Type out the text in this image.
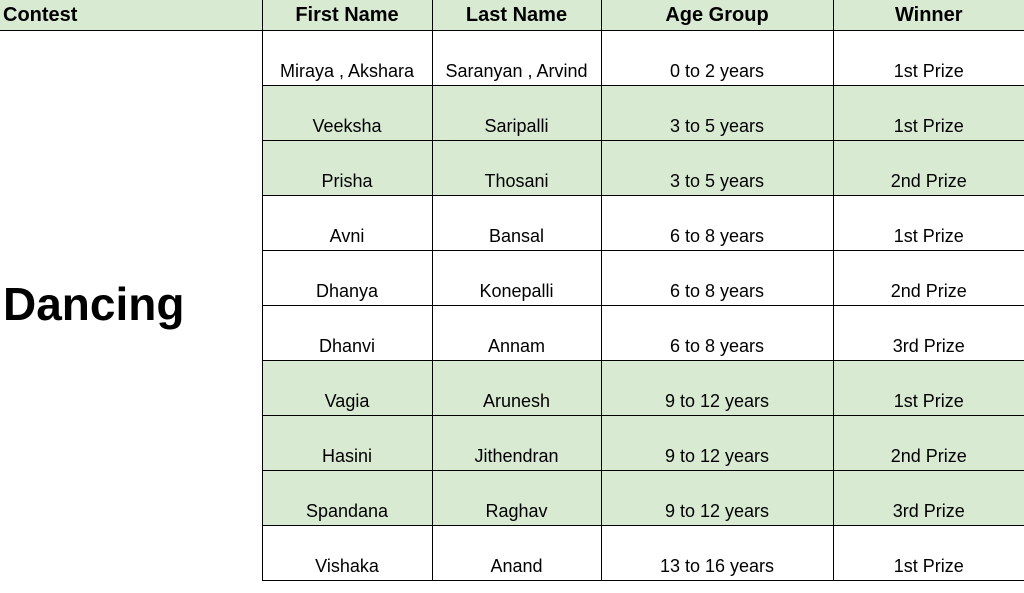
Contest	First Name	Last Name	Age Group	Winner
Dancing	Miraya , Akshara	Saranyan , Arvind	0 to 2 years	1st Prize
	Veeksha	Saripalli	3 to 5 years	1st Prize
	Prisha	Thosani	3 to 5 years	2nd Prize
	Avni	Bansal	6 to 8 years	1st Prize
	Dhanya	Konepalli	6 to 8 years	2nd Prize
	Dhanvi	Annam	6 to 8 years	3rd Prize
	Vagia	Arunesh	9 to 12 years	1st Prize
	Hasini	Jithendran	9 to 12 years	2nd Prize
	Spandana	Raghav	9 to 12 years	3rd Prize
	Vishaka	Anand	13 to 16 years	1st Prize
